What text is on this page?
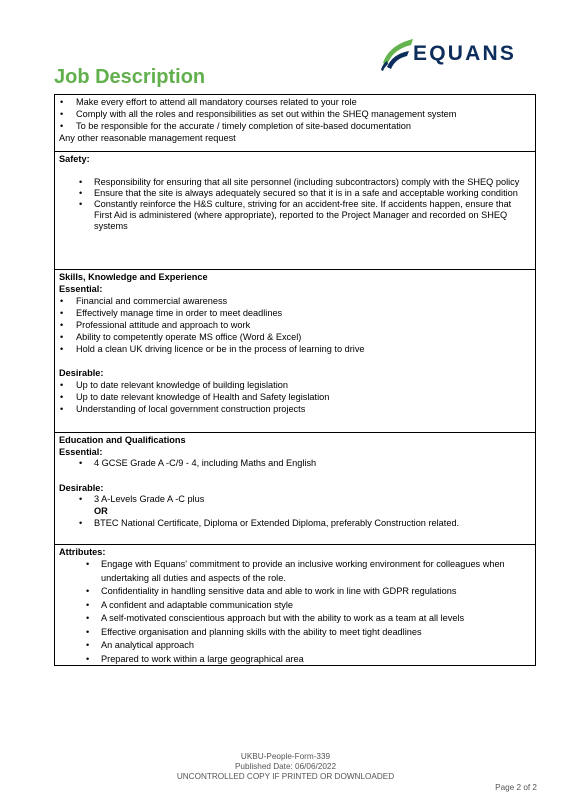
EQUANS
Job Description
• Make every effort to attend all mandatory courses related to your role
• Comply with all the roles and responsibilities as set out within the SHEQ management system
• To be responsible for the accurate / timely completion of site-based documentation
Any other reasonable management request
Safety:
• Responsibility for ensuring that all site personnel (including subcontractors) comply with the SHEQ policy
• Ensure that the site is always adequately secured so that it is in a safe and acceptable working condition
• Constantly reinforce the H&S culture, striving for an accident-free site. If accidents happen, ensure that First Aid is administered (where appropriate), reported to the Project Manager and recorded on SHEQ systems
Skills, Knowledge and Experience
Essential:
• Financial and commercial awareness
• Effectively manage time in order to meet deadlines
• Professional attitude and approach to work
• Ability to competently operate MS office (Word & Excel)
• Hold a clean UK driving licence or be in the process of learning to drive
Desirable:
• Up to date relevant knowledge of building legislation
• Up to date relevant knowledge of Health and Safety legislation
• Understanding of local government construction projects
Education and Qualifications
Essential:
• 4 GCSE Grade A -C/9 - 4, including Maths and English
Desirable:
• 3 A-Levels Grade A -C plus
OR
• BTEC National Certificate, Diploma or Extended Diploma, preferably Construction related.
Attributes:
• Engage with Equans' commitment to provide an inclusive working environment for colleagues when undertaking all duties and aspects of the role.
• Confidentiality in handling sensitive data and able to work in line with GDPR regulations
• A confident and adaptable communication style
• A self-motivated conscientious approach but with the ability to work as a team at all levels
• Effective organisation and planning skills with the ability to meet tight deadlines
• An analytical approach
• Prepared to work within a large geographical area
UKBU-People-Form-339
Published Date: 06/06/2022
UNCONTROLLED COPY IF PRINTED OR DOWNLOADED
Page 2 of 2
